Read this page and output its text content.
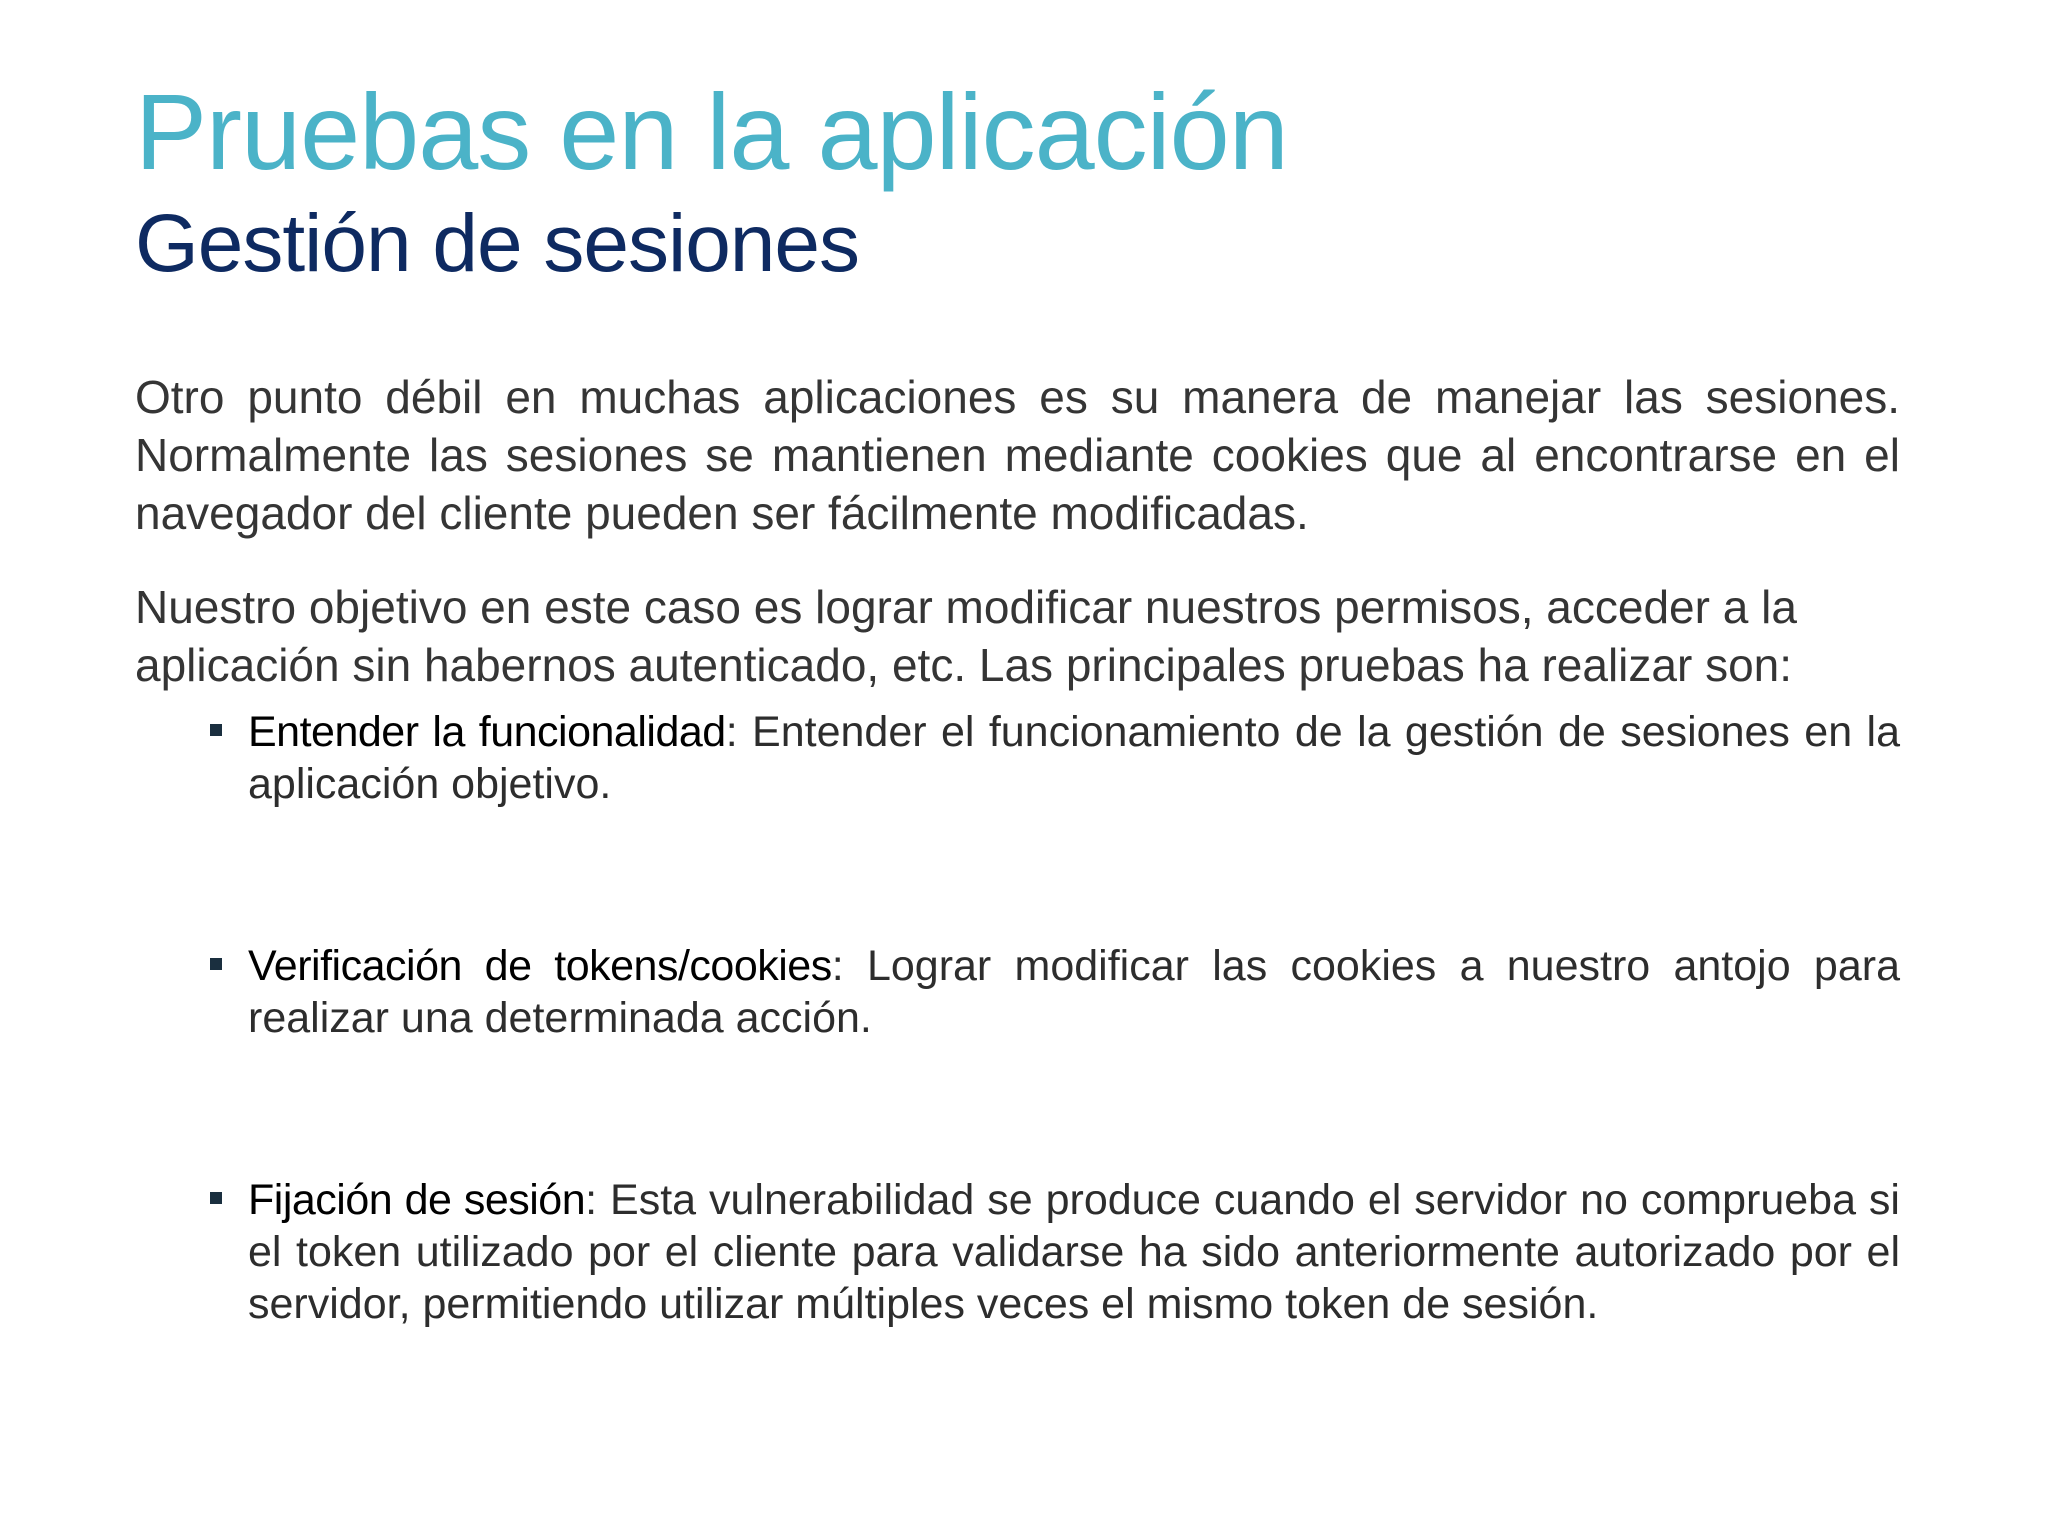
Pruebas en la aplicación
Gestión de sesiones

Otro punto débil en muchas aplicaciones es su manera de manejar las sesiones. Normalmente las sesiones se mantienen mediante cookies que al encontrarse en el navegador del cliente pueden ser fácilmente modificadas.

Nuestro objetivo en este caso es lograr modificar nuestros permisos, acceder a la aplicación sin habernos autenticado, etc. Las principales pruebas ha realizar son:

Entender la funcionalidad: Entender el funcionamiento de la gestión de sesiones en la aplicación objetivo.
Verificación de tokens/cookies: Lograr modificar las cookies a nuestro antojo para realizar una determinada acción.
Fijación de sesión: Esta vulnerabilidad se produce cuando el servidor no comprueba si el token utilizado por el cliente para validarse ha sido anteriormente autorizado por el servidor, permitiendo utilizar múltiples veces el mismo token de sesión.
